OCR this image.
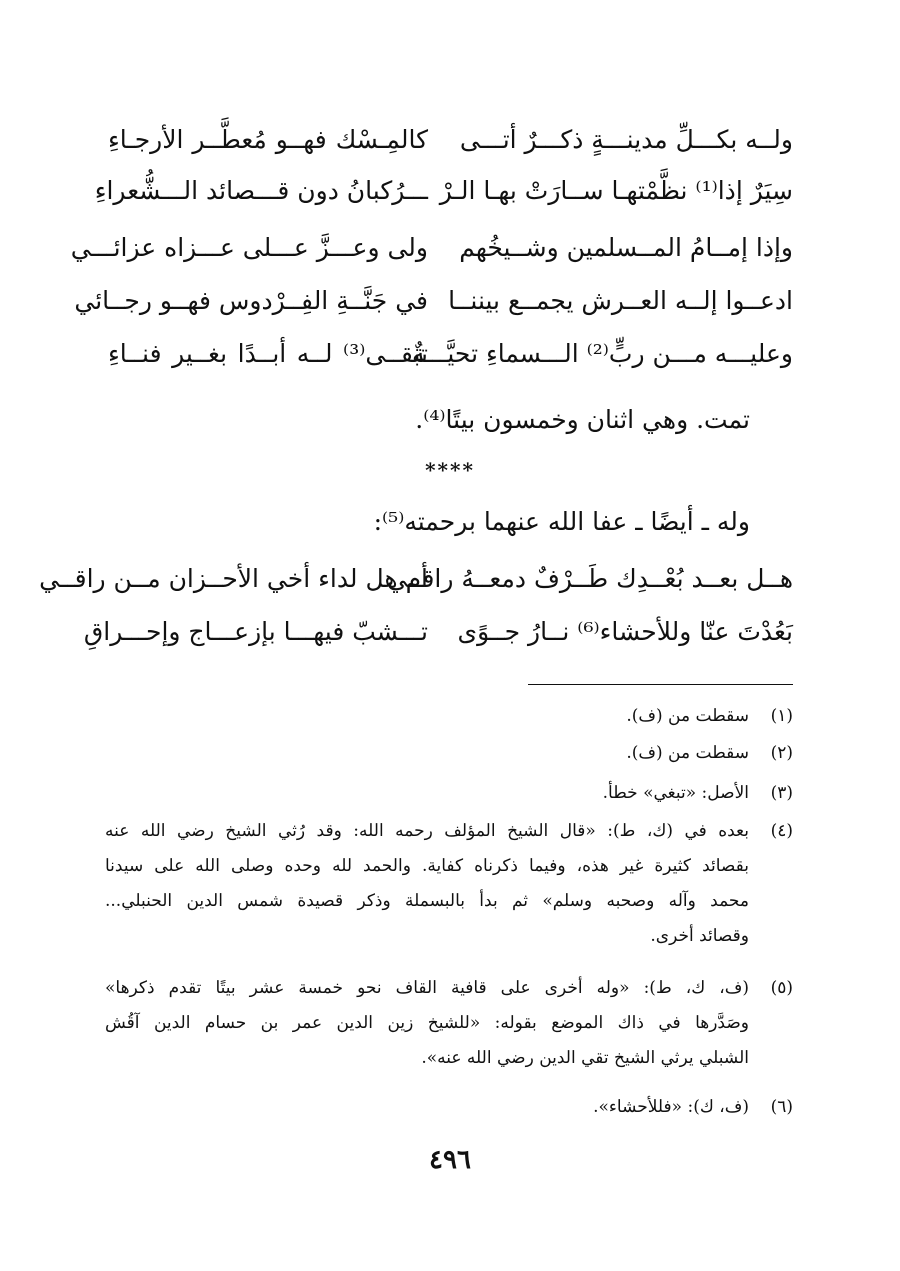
ولــه بكـــلِّ مدينـــةٍ ذكـــرٌ أتـــى
كالمِـسْك فهــو مُعطَّــر الأرجـاءِ
سِيَرٌ إذا⁽¹⁾ نظَّمْتهـا ســارَتْ بهـا الـرْ
ـــرُكبانُ دون قـــصائد الـــشُّعراءِ
وإذا إمــامُ المــسلمين وشــيخُهم
ولى وعـــزَّ عـــلى عـــزاه عزائـــي
ادعــوا إلــه العــرش يجمــع بيننــا
في جَنَّــةِ الفِــرْدوس فهــو رجــائي
وعليـــه مـــن ربٍّ⁽²⁾ الـــسماءِ تحيَّـــةٌ
تبقــى⁽³⁾ لــه أبــدًا بغــير فنــاءِ
تمت. وهي اثنان وخمسون بيتًا⁽⁴⁾.
****
وله ـ أيضًا ـ عفا الله عنهما برحمته⁽⁵⁾:
هــل بعــد بُعْــدِك طَــرْفٌ دمعــهُ راقــي
أم هل لداء أخي الأحــزان مــن راقــي
بَعُدْتَ عنّا وللأحشاء⁽⁶⁾ نــارُ جــوًى
تـــشبّ فيهـــا بإزعـــاج وإحـــراقِ
(١)
سقطت من (ف).
(٢)
سقطت من (ف).
(٣)
الأصل: «تبغي» خطأ.
(٤)
بعده في (ك، ط): «قال الشيخ المؤلف رحمه الله: وقد رُثي الشيخ رضي الله عنه
بقصائد كثيرة غير هذه، وفيما ذكرناه كفاية. والحمد لله وحده وصلى الله على سيدنا
محمد وآله وصحبه وسلم» ثم بدأ بالبسملة وذكر قصيدة شمس الدين الحنبلي...
وقصائد أخرى.
(٥)
(ف، ك، ط): «وله أخرى على قافية القاف نحو خمسة عشر بيتًا تقدم ذكرها»
وصَدَّرها في ذاك الموضع بقوله: «للشيخ زين الدين عمر بن حسام الدين آقُش
الشبلي يرثي الشيخ تقي الدين رضي الله عنه».
(٦)
(ف، ك): «فللأحشاء».
٤٩٦
